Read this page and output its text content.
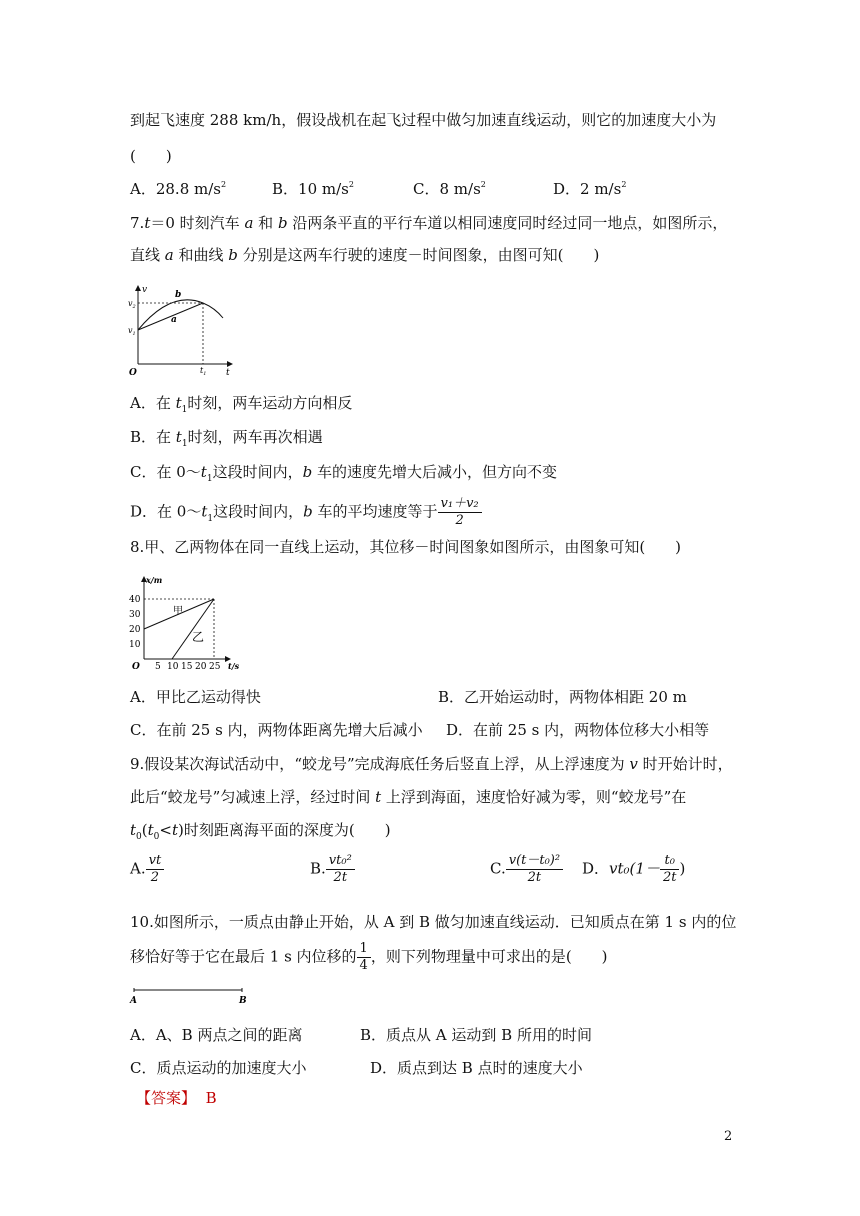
到起飞速度 288 km/h，假设战机在起飞过程中做匀加速直线运动，则它的加速度大小为
(　　)
A．28.8 $m/s^2$	B．10 $m/s^2$	C．8 $m/s^2$	D．2 $m/s^2$
7.t＝0 时刻汽车 a 和 b 沿两条平直的平行车道以相同速度同时经过同一地点，如图所示，
直线 a 和曲线 b 分别是这两车行驶的速度－时间图象，由图可知(　　)
v
t
O
$v_2$
$v_1$
$t_1$
b
a
A．在 $t_1$时刻，两车运动方向相反
B．在 $t_1$时刻，两车再次相遇
C．在 $0\sim t_1$这段时间内，b 车的速度先增大后减小，但方向不变
D．在 $0\sim t_1$这段时间内，b 车的平均速度等于 $\frac{\text{v₁＋v₂}}{2}$
8.甲、乙两物体在同一直线上运动，其位移－时间图象如图所示，由图象可知(　　)
x/m
t/s
O
40
30
20
10
5 10 15 20 25
甲
乙
A．甲比乙运动得快	B．乙开始运动时，两物体相距 20 m
C．在前 25 s 内，两物体距离先增大后减小 D．在前 25 s 内，两物体位移大小相等
9.假设某次海试活动中，“蛟龙号”完成海底任务后竖直上浮，从上浮速度为 v 时开始计时，
此后“蛟龙号”匀减速上浮，经过时间 t 上浮到海面，速度恰好减为零，则“蛟龙号”在
$t_0(t_0<t)$时刻距离海平面的深度为(　　)
A. $\frac{vt}{2}$	B. $\frac{\text{vt₀²}}{2t}$	C. $\frac{\text{v(t－t₀)²}}{2t}$ D．$vt_0(1- \frac{\text{t₀}}{2t}$ )
10.如图所示，一质点由静止开始，从 A 到 B 做匀加速直线运动．已知质点在第 1 s 内的位
移恰好等于它在最后 1 s 内位移的 $\frac{1}{4}$ ，则下列物理量中可求出的是(　　)
A	B
A．A、B 两点之间的距离	B．质点从 A 运动到 B 所用的时间
C．质点运动的加速度大小	D．质点到达 B 点时的速度大小
【答案】 B
2
